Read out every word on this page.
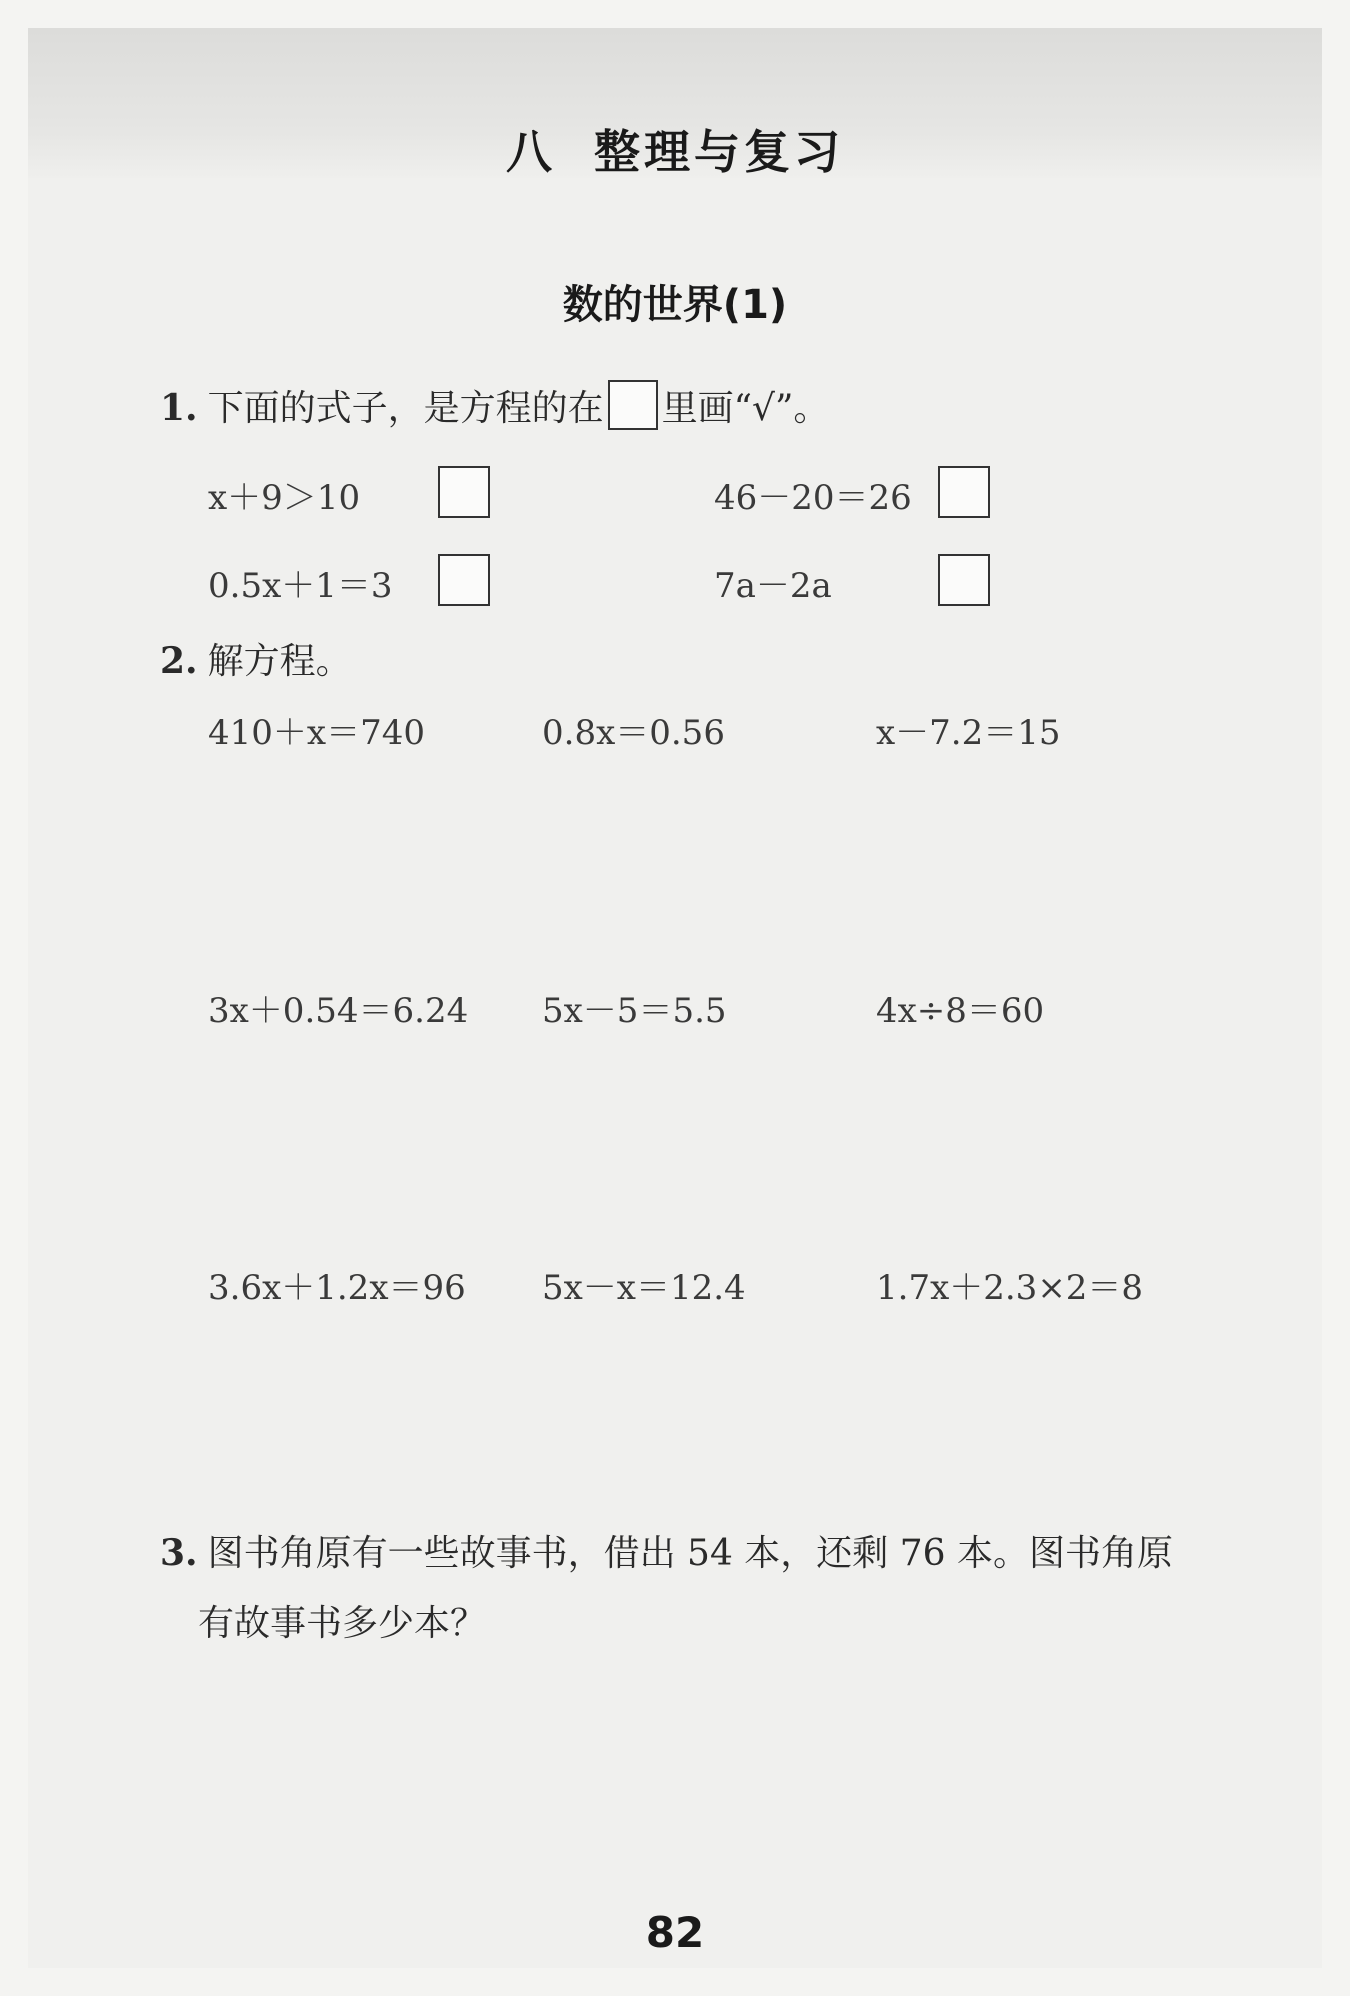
八 整理与复习
数的世界(1)
1. 下面的式子，是方程的在 里画“√”。
x＋9＞10	46－20＝26
0.5x＋1＝3	7a－2a
2. 解方程。
410＋x＝740	0.8x＝0.56	x－7.2＝15
3x＋0.54＝6.24 5x－5＝5.5	4x÷8＝60
3.6x＋1.2x＝96 5x－x＝12.4	1.7x＋2.3×2＝8
3. 图书角原有一些故事书，借出 54 本，还剩 76 本。图书角原
有故事书多少本？
82
